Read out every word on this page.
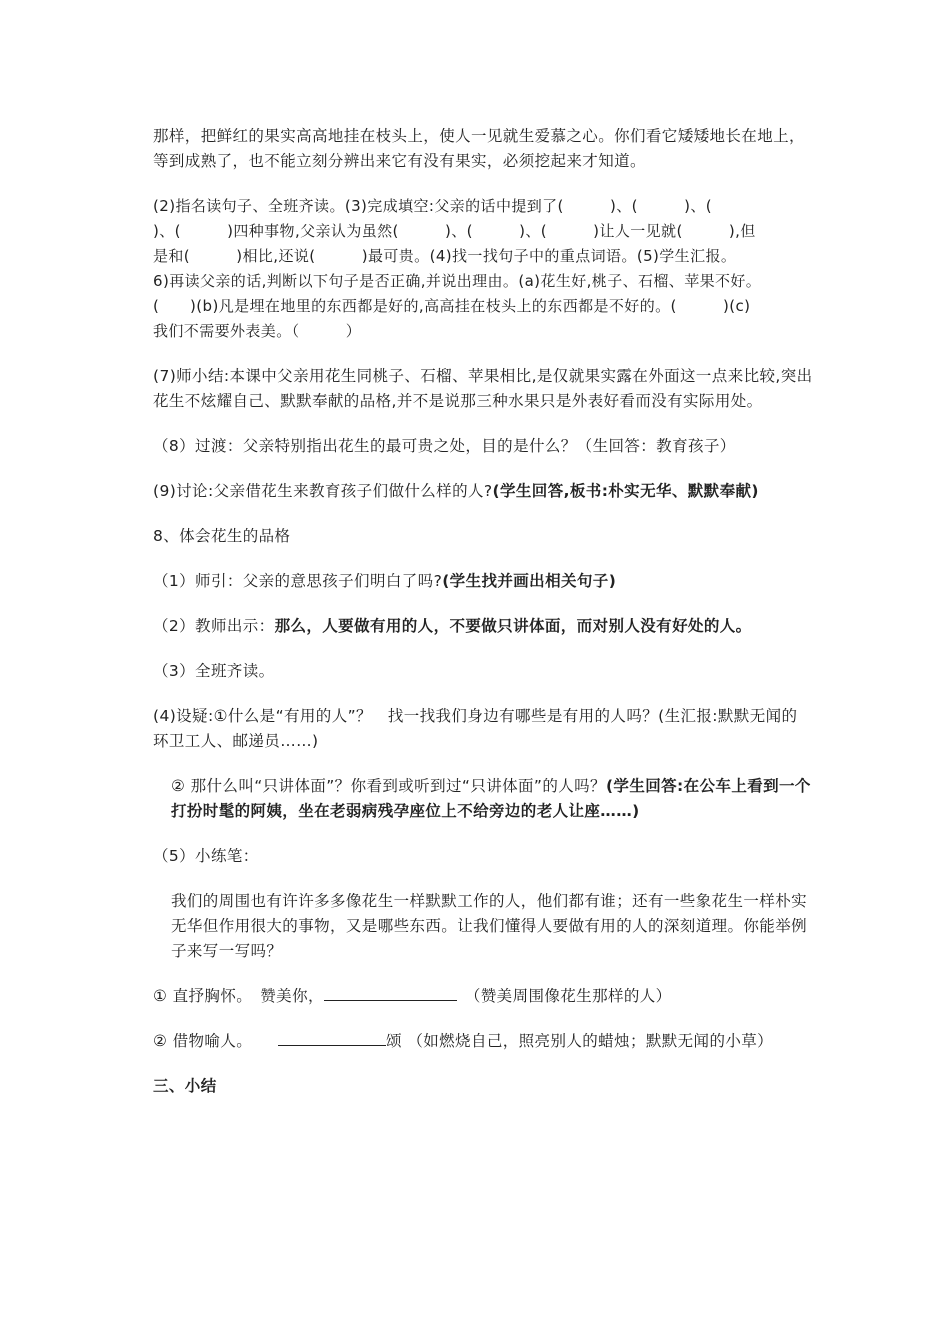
那样，把鲜红的果实高高地挂在枝头上，使人一见就生爱慕之心。你们看它矮矮地长在地上，等到成熟了，也不能立刻分辨出来它有没有果实，必须挖起来才知道。

(2)指名读句子、全班齐读。(3)完成填空:父亲的话中提到了(　　　)、(　　　)、(

)、(　　　)四种事物,父亲认为虽然(　　　)、(　　　)、(　　　)让人一见就(　　　),但

是和(　　　)相比,还说(　　　)最可贵。(4)找一找句子中的重点词语。(5)学生汇报。

6)再读父亲的话,判断以下句子是否正确,并说出理由。(a)花生好,桃子、石榴、苹果不好。

(　　)(b)凡是埋在地里的东西都是好的,高高挂在枝头上的东西都是不好的。(　　　)(c)

我们不需要外表美。（　　　）

(7)师小结:本课中父亲用花生同桃子、石榴、苹果相比,是仅就果实露在外面这一点来比较,突出花生不炫耀自己、默默奉献的品格,并不是说那三种水果只是外表好看而没有实际用处。

（8）过渡：父亲特别指出花生的最可贵之处，目的是什么？（生回答：教育孩子）

(9)讨论:父亲借花生来教育孩子们做什么样的人?(学生回答,板书:朴实无华、默默奉献)

8、体会花生的品格

（1）师引：父亲的意思孩子们明白了吗?(学生找并画出相关句子)

（2）教师出示：那么，人要做有用的人，不要做只讲体面，而对别人没有好处的人。

（3）全班齐读。

(4)设疑:①什么是“有用的人”？　找一找我们身边有哪些是有用的人吗？(生汇报:默默无闻的环卫工人、邮递员……)

② 那什么叫“只讲体面”？你看到或听到过“只讲体面”的人吗？(学生回答:在公车上看到一个打扮时髦的阿姨，坐在老弱病残孕座位上不给旁边的老人让座……)

（5）小练笔：

我们的周围也有许许多多像花生一样默默工作的人，他们都有谁；还有一些象花生一样朴实无华但作用很大的事物，又是哪些东西。让我们懂得人要做有用的人的深刻道理。你能举例子来写一写吗？

① 直抒胸怀。　赞美你，	（赞美周围像花生那样的人）

② 借物喻人。	颂 （如燃烧自己，照亮别人的蜡烛；默默无闻的小草）

三、小结
